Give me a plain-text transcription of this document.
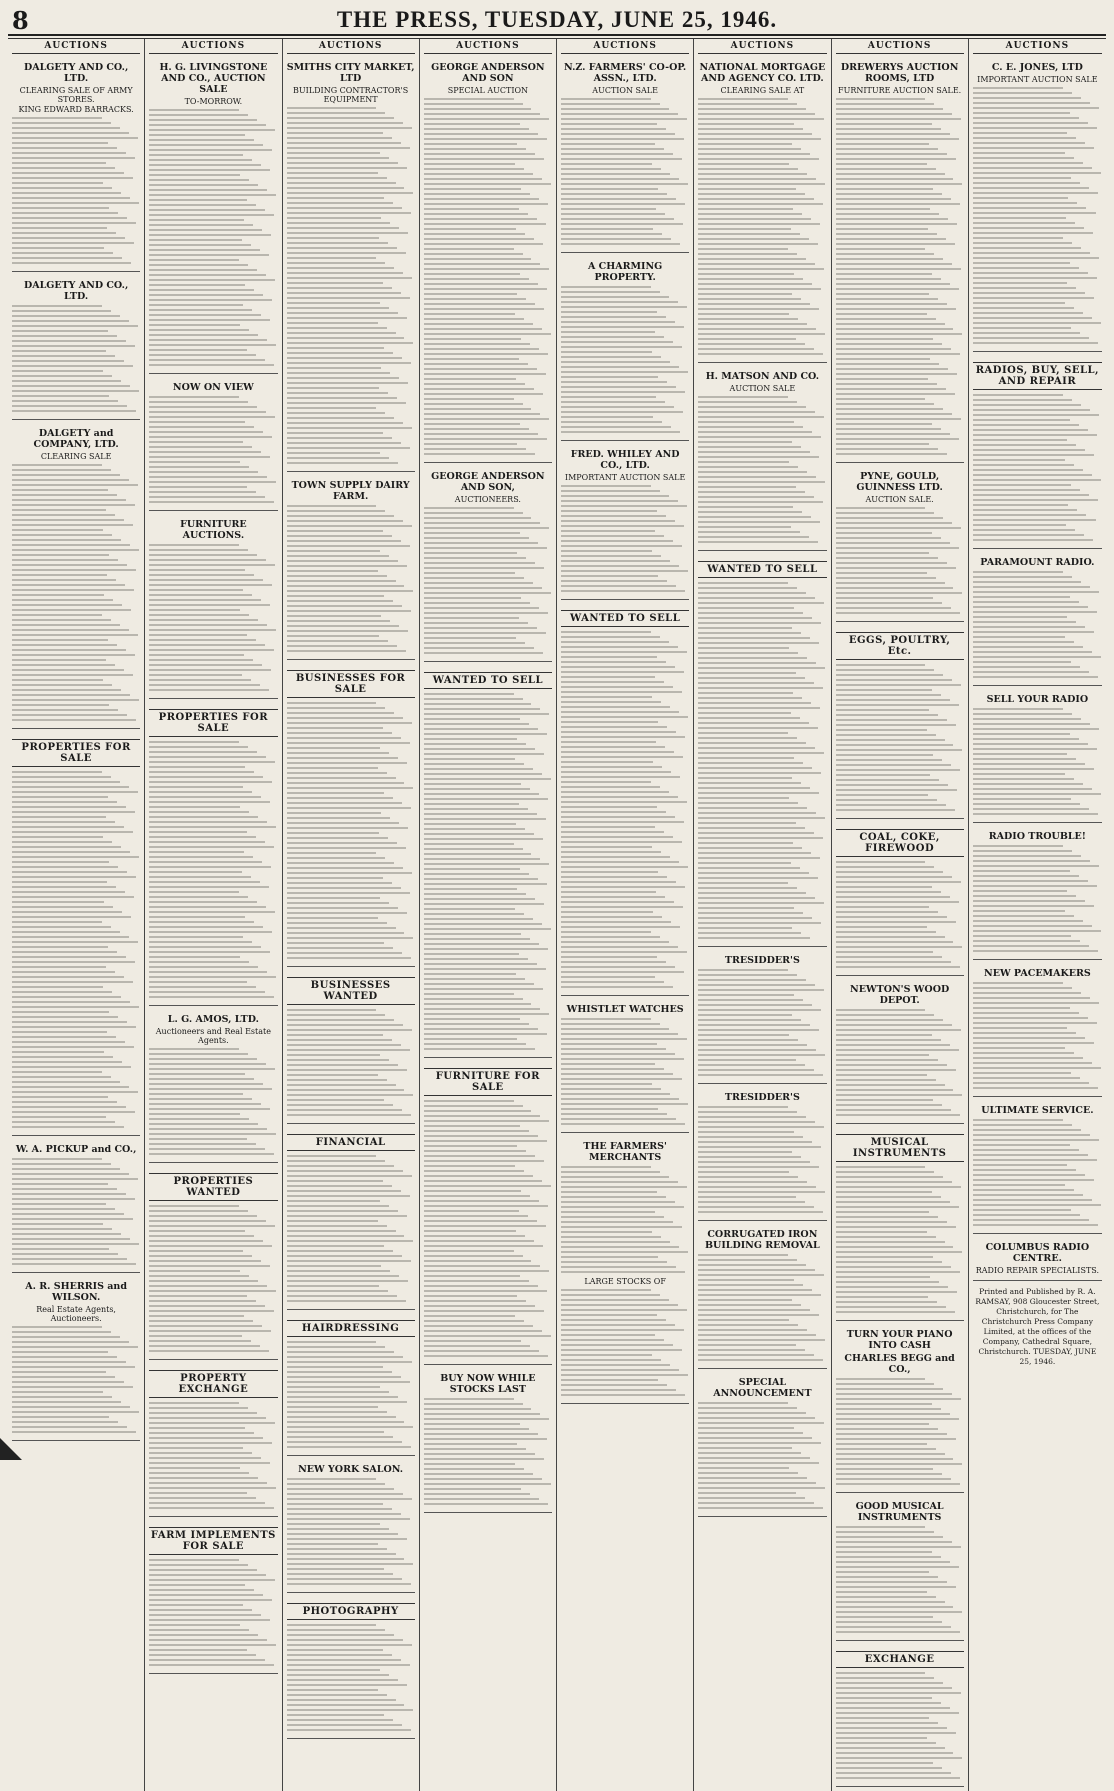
8	THE PRESS, TUESDAY, JUNE 25, 1946.
AUCTIONS
DALGETY AND CO., LTD.
CLEARING SALE OF ARMY STORES.
KING EDWARD BARRACKS.
DALGETY AND CO., LTD.
DALGETY and COMPANY, LTD.
CLEARING SALE
PROPERTIES FOR SALE
W. A. PICKUP and CO.,
A. R. SHERRIS and WILSON.
Real Estate Agents, Auctioneers.
AUCTIONS
H. G. LIVINGSTONE AND CO., AUCTION SALE
TO-MORROW.
NOW ON VIEW
FURNITURE AUCTIONS.
PROPERTIES FOR SALE
L. G. AMOS, LTD.
Auctioneers and Real Estate Agents.
PROPERTIES WANTED
PROPERTY EXCHANGE
FARM IMPLEMENTS FOR SALE
AUCTIONS
SMITHS CITY MARKET, LTD
BUILDING CONTRACTOR'S EQUIPMENT
TOWN SUPPLY DAIRY FARM.
BUSINESSES FOR SALE
BUSINESSES WANTED
FINANCIAL
HAIRDRESSING
NEW YORK SALON.
PHOTOGRAPHY
AUCTIONS
GEORGE ANDERSON AND SON
SPECIAL AUCTION
GEORGE ANDERSON AND SON,
AUCTIONEERS.
WANTED TO SELL
FURNITURE FOR SALE
BUY NOW WHILE STOCKS LAST
AUCTIONS
N.Z. FARMERS' CO-OP. ASSN., LTD.
AUCTION SALE
A CHARMING PROPERTY.
FRED. WHILEY AND CO., LTD.
IMPORTANT AUCTION SALE
WANTED TO SELL
WHISTLET WATCHES
THE FARMERS' MERCHANTS
LARGE STOCKS OF
AUCTIONS
NATIONAL MORTGAGE AND AGENCY CO. LTD.
CLEARING SALE AT
H. MATSON AND CO.
AUCTION SALE
WANTED TO SELL
TRESIDDER'S
TRESIDDER'S
CORRUGATED IRON BUILDING REMOVAL
SPECIAL ANNOUNCEMENT
AUCTIONS
DREWERYS AUCTION ROOMS, LTD
FURNITURE AUCTION SALE.
PYNE, GOULD, GUINNESS LTD.
AUCTION SALE.
EGGS, POULTRY, Etc.
COAL, COKE, FIREWOOD
NEWTON'S WOOD DEPOT.
MUSICAL INSTRUMENTS
TURN YOUR PIANO INTO CASH
CHARLES BEGG and CO.,
GOOD MUSICAL INSTRUMENTS
EXCHANGE
AUCTIONS
C. E. JONES, LTD
IMPORTANT AUCTION SALE
RADIOS, BUY, SELL, AND REPAIR
PARAMOUNT RADIO.
SELL YOUR RADIO
RADIO TROUBLE!
NEW PACEMAKERS
ULTIMATE SERVICE.
COLUMBUS RADIO CENTRE.
RADIO REPAIR SPECIALISTS.
Printed and Published by R. A. RAMSAY, 908 Gloucester Street, Christchurch, for The Christchurch Press Company Limited, at the offices of the Company, Cathedral Square, Christchurch. TUESDAY, JUNE 25, 1946.
